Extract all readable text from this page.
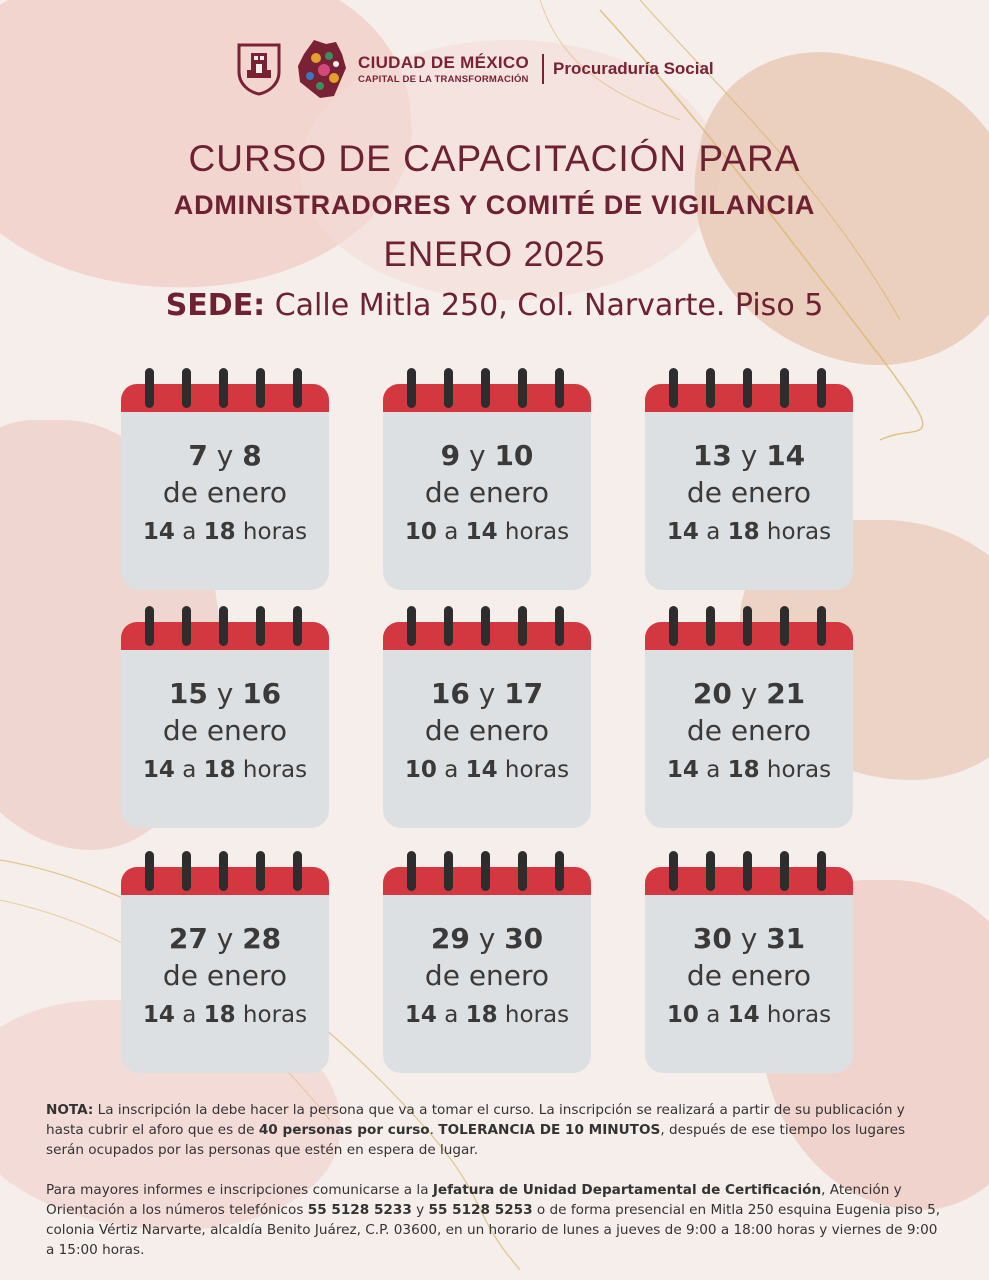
CIUDAD DE MÉXICO
CAPITAL DE LA TRANSFORMACIÓN
Procuraduría Social
CURSO DE CAPACITACIÓN PARA
ADMINISTRADORES Y COMITÉ DE VIGILANCIA
ENERO 2025
SEDE: Calle Mitla 250, Col. Narvarte. Piso 5
7 y 8
de enero
14 a 18 horas
9 y 10
de enero
10 a 14 horas
13 y 14
de enero
14 a 18 horas
15 y 16
de enero
14 a 18 horas
16 y 17
de enero
10 a 14 horas
20 y 21
de enero
14 a 18 horas
27 y 28
de enero
14 a 18 horas
29 y 30
de enero
14 a 18 horas
30 y 31
de enero
10 a 14 horas
NOTA: La inscripción la debe hacer la persona que va a tomar el curso. La inscripción se realizará a partir de su publicación y hasta cubrir el aforo que es de 40 personas por curso. TOLERANCIA DE 10 MINUTOS, después de ese tiempo los lugares serán ocupados por las personas que estén en espera de lugar.
Para mayores informes e inscripciones comunicarse a la Jefatura de Unidad Departamental de Certificación, Atención y Orientación a los números telefónicos 55 5128 5233 y 55 5128 5253 o de forma presencial en Mitla 250 esquina Eugenia piso 5, colonia Vértiz Narvarte, alcaldía Benito Juárez, C.P. 03600, en un horario de lunes a jueves de 9:00 a 18:00 horas y viernes de 9:00 a 15:00 horas.
